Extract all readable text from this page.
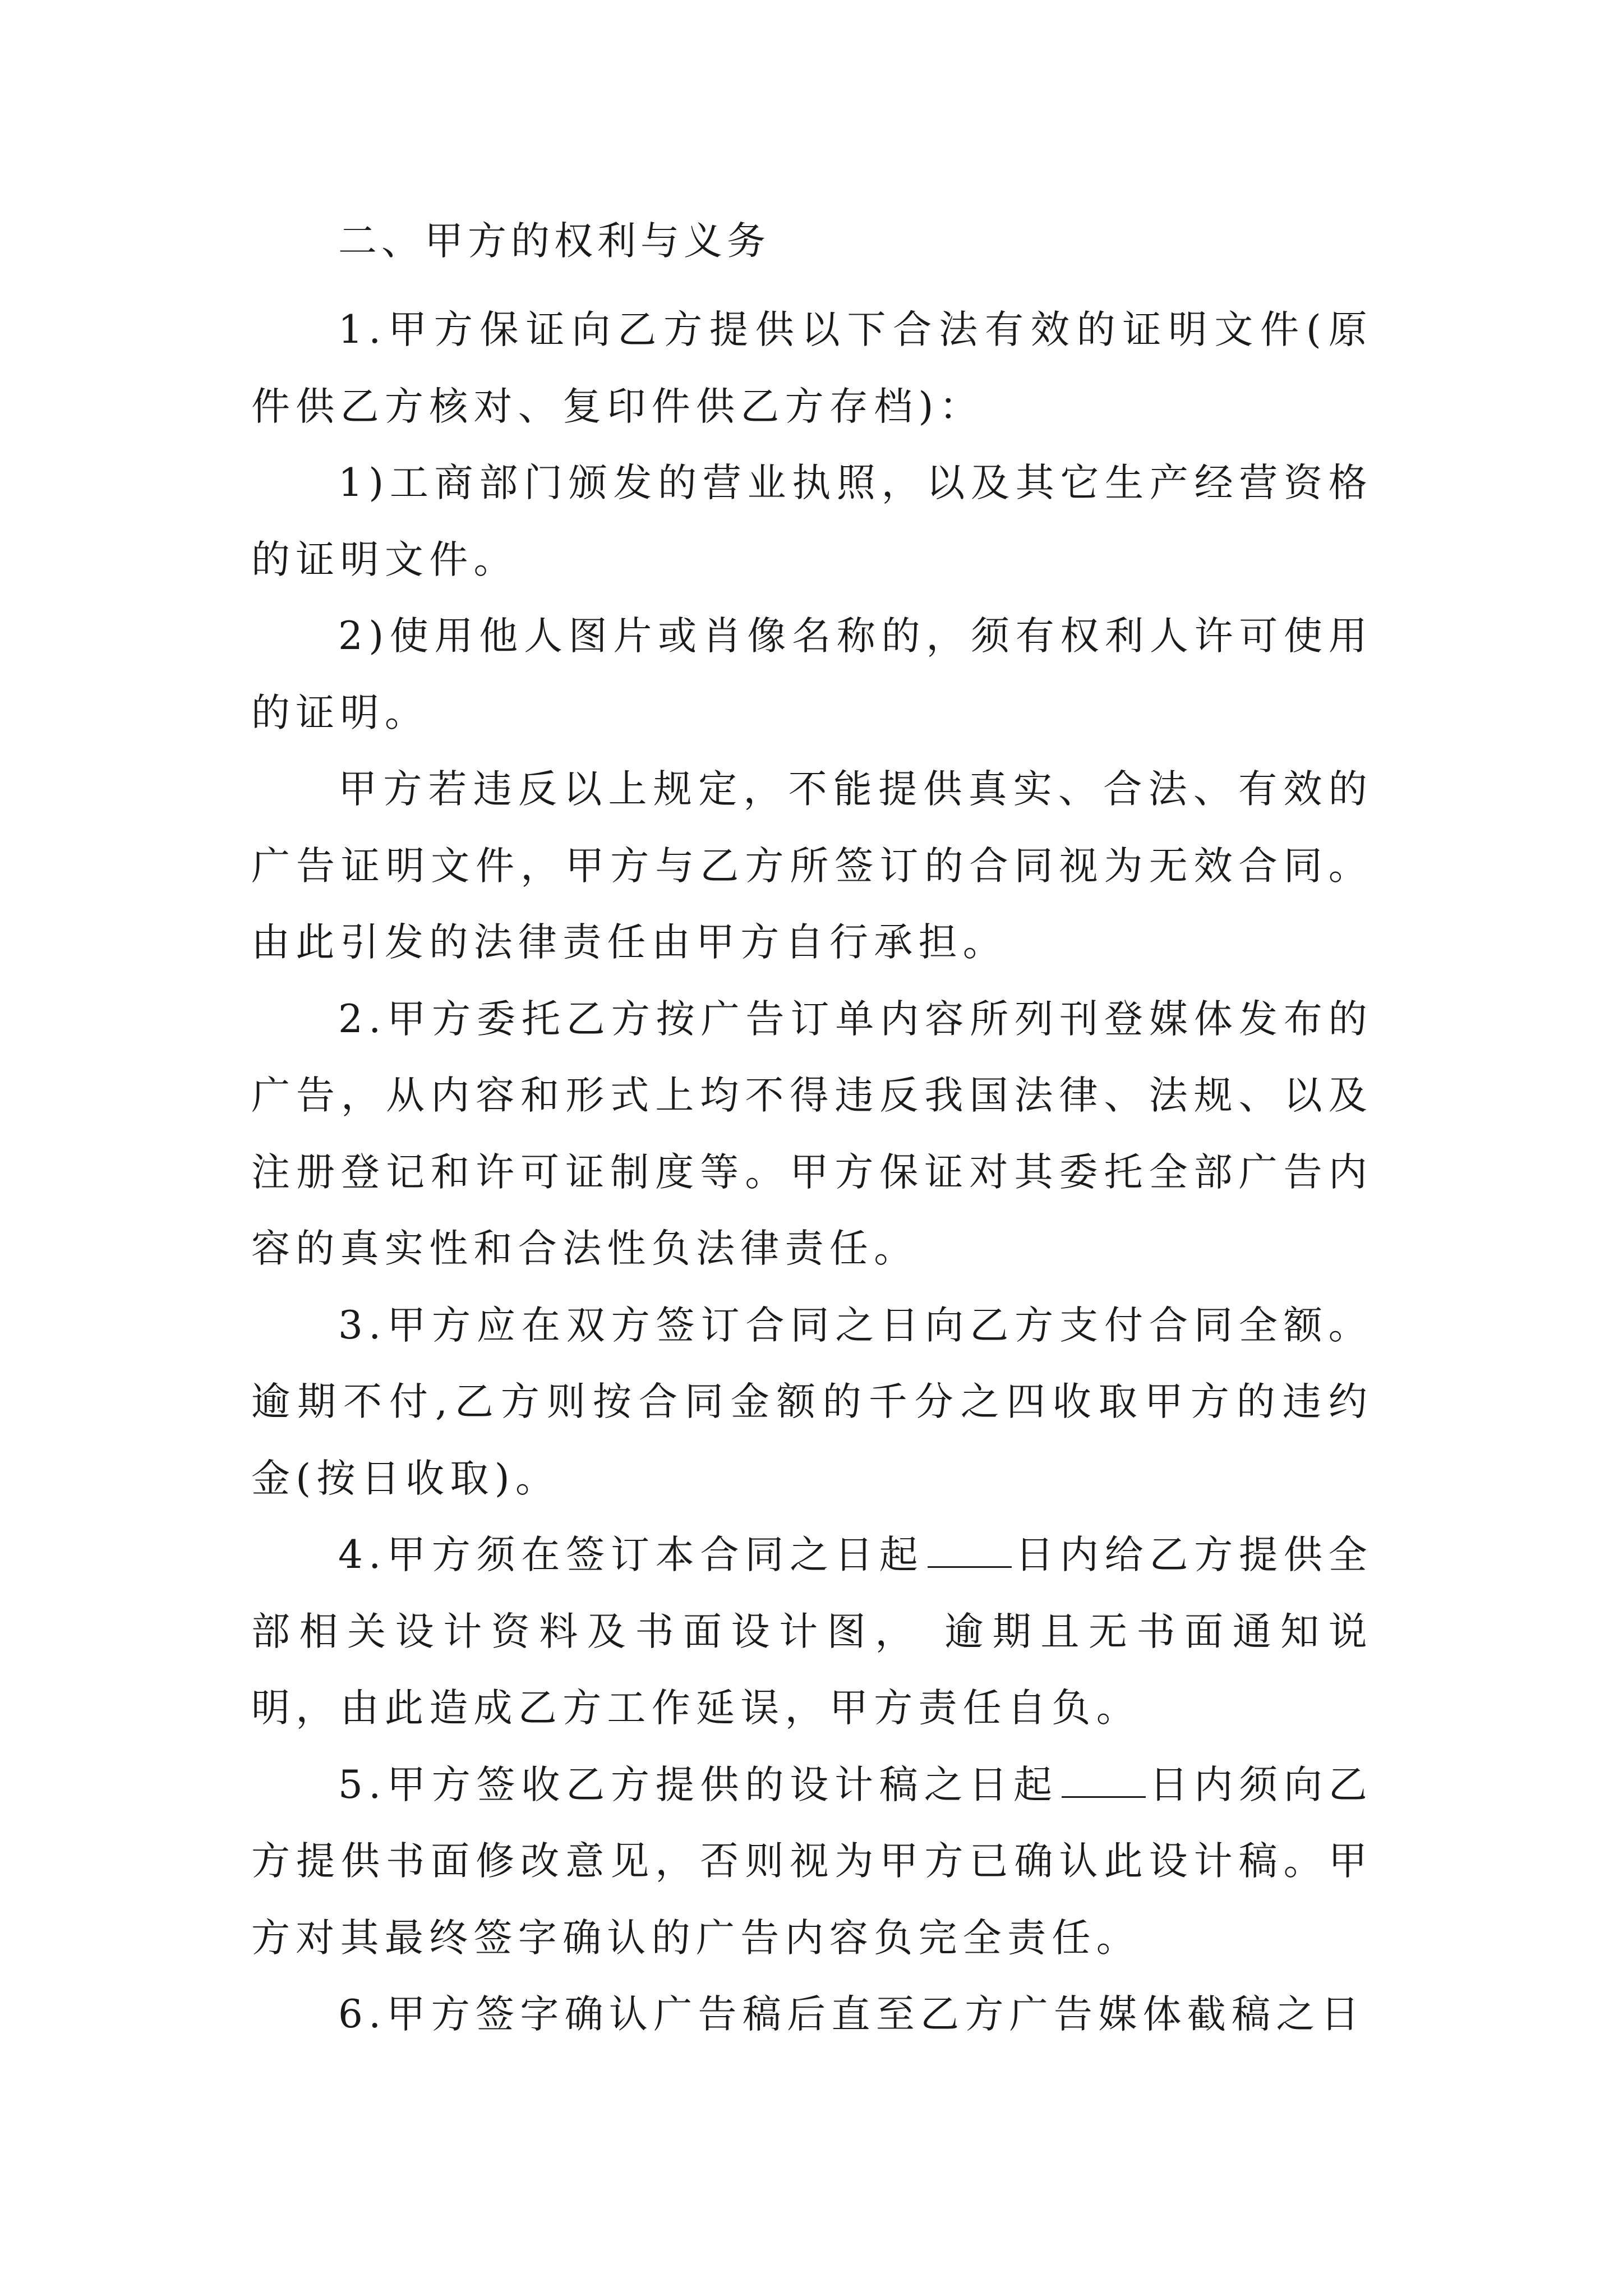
二、甲方的权利与义务

1.甲方保证向乙方提供以下合法有效的证明文件(原件供乙方核对、复印件供乙方存档)：

1)工商部门颁发的营业执照，以及其它生产经营资格的证明文件。

2)使用他人图片或肖像名称的，须有权利人许可使用的证明。

甲方若违反以上规定，不能提供真实、合法、有效的广告证明文件，甲方与乙方所签订的合同视为无效合同。由此引发的法律责任由甲方自行承担。

2.甲方委托乙方按广告订单内容所列刊登媒体发布的广告，从内容和形式上均不得违反我国法律、法规、以及注册登记和许可证制度等。甲方保证对其委托全部广告内容的真实性和合法性负法律责任。

3.甲方应在双方签订合同之日向乙方支付合同全额。逾期不付,乙方则按合同金额的千分之四收取甲方的违约金(按日收取)。

4.甲方须在签订本合同之日起 日内给乙方提供全部相关设计资料及书面设计图， 逾期且无书面通知说明，由此造成乙方工作延误，甲方责任自负。

5.甲方签收乙方提供的设计稿之日起 日内须向乙方提供书面修改意见，否则视为甲方已确认此设计稿。甲方对其最终签字确认的广告内容负完全责任。

6.甲方签字确认广告稿后直至乙方广告媒体截稿之日
